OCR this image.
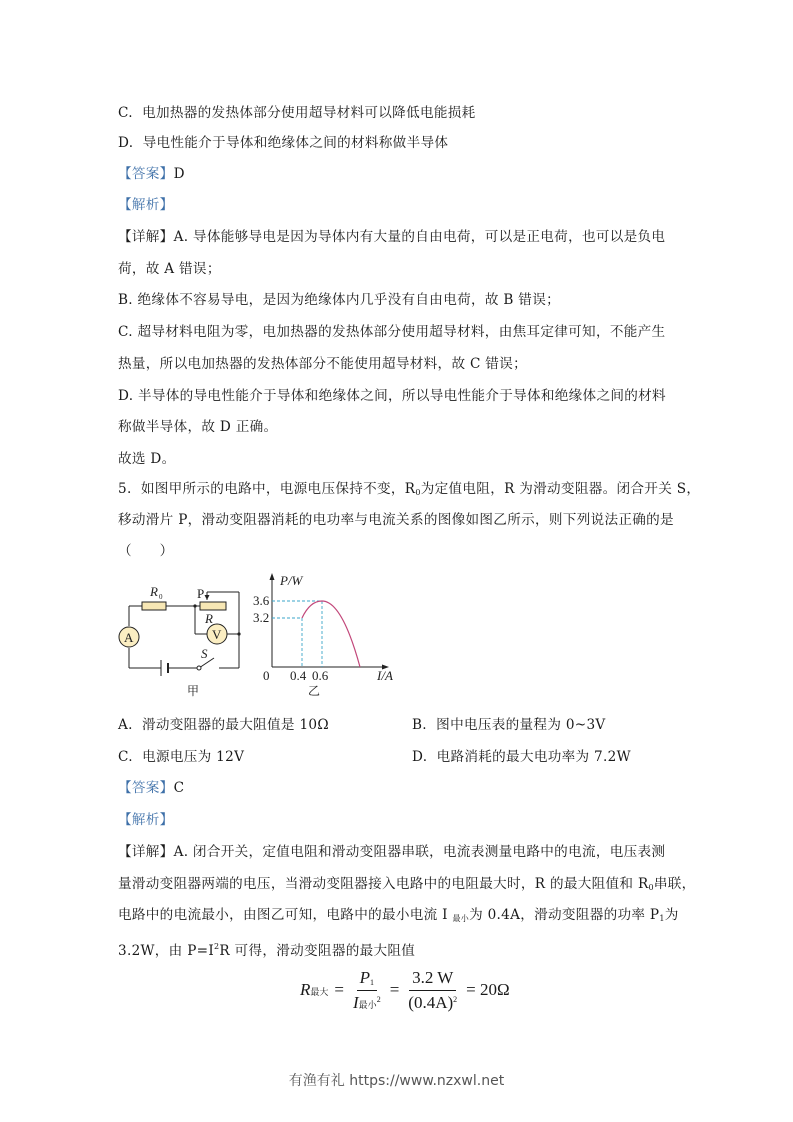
C. 电加热器的发热体部分使用超导材料可以降低电能损耗
D. 导电性能介于导体和绝缘体之间的材料称做半导体
【答案】D
【解析】
【详解】A. 导体能够导电是因为导体内有大量的自由电荷，可以是正电荷，也可以是负电
荷，故 A 错误；
B. 绝缘体不容易导电，是因为绝缘体内几乎没有自由电荷，故 B 错误；
C. 超导材料电阻为零，电加热器的发热体部分使用超导材料，由焦耳定律可知，不能产生
热量，所以电加热器的发热体部分不能使用超导材料，故 C 错误；
D. 半导体的导电性能介于导体和绝缘体之间，所以导电性能介于导体和绝缘体之间的材料
称做半导体，故 D 正确。
故选 D。
5. 如图甲所示的电路中，电源电压保持不变，$R_0$为定值电阻，R 为滑动变阻器。闭合开关 S，
移动滑片 P，滑动变阻器消耗的电功率与电流关系的图像如图乙所示，则下列说法正确的是
（　　）
R 0	P
R
A	V
S
甲
P/W
3.6
3.2
0 0.4 0.6	I/A
乙
A. 滑动变阻器的最大阻值是 10Ω	B. 图中电压表的量程为 0~3V
C. 电源电压为 12V	D. 电路消耗的最大电功率为 7.2W
【答案】C
【解析】
【详解】A. 闭合开关，定值电阻和滑动变阻器串联，电流表测量电路中的电流，电压表测
量滑动变阻器两端的电压，当滑动变阻器接入电路中的电阻最大时，R 的最大阻值和 $R_0$串联，
电路中的电流最小，由图乙可知，电路中的最小电流 I $_{最小}$为 0.4A，滑动变阻器的功率 $P_1$为
3.2W，由 $P=I^2R$ 可得，滑动变阻器的最大阻值
R最大 = $\frac{P_1}{I最小^2} = \frac{3.2 W}{(0.4A)^2} = 20\Omega$
有渔有礼 https://www.nzxwl.net
